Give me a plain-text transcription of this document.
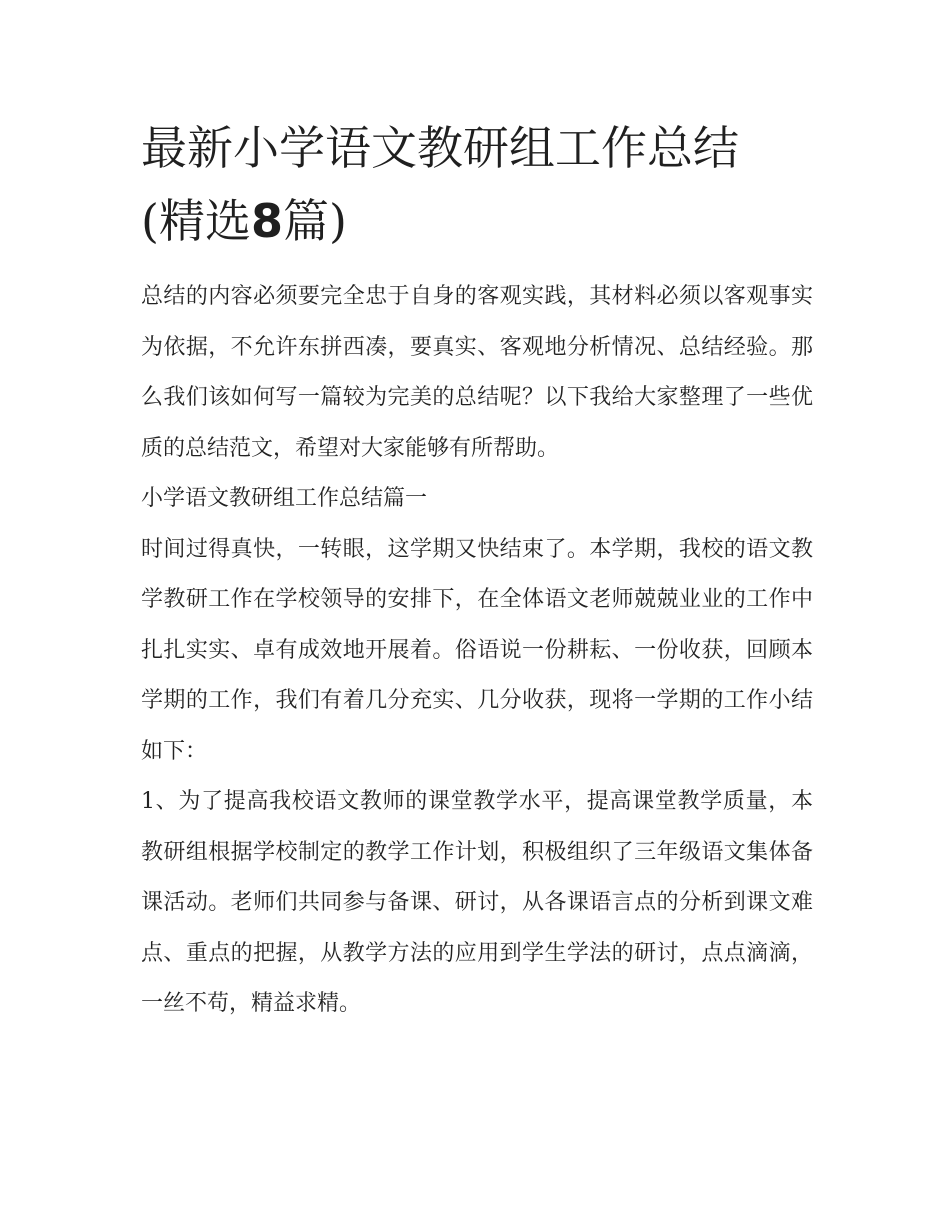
最新小学语文教研组工作总结
(精选8篇)

总结的内容必须要完全忠于自身的客观实践，其材料必须以客观事实为依据，不允许东拼西凑，要真实、客观地分析情况、总结经验。那么我们该如何写一篇较为完美的总结呢？以下我给大家整理了一些优质的总结范文，希望对大家能够有所帮助。

小学语文教研组工作总结篇一

时间过得真快，一转眼，这学期又快结束了。本学期，我校的语文教学教研工作在学校领导的安排下，在全体语文老师兢兢业业的工作中扎扎实实、卓有成效地开展着。俗语说一份耕耘、一份收获，回顾本学期的工作，我们有着几分充实、几分收获，现将一学期的工作小结如下：

1、为了提高我校语文教师的课堂教学水平，提高课堂教学质量，本教研组根据学校制定的教学工作计划，积极组织了三年级语文集体备课活动。老师们共同参与备课、研讨，从各课语言点的分析到课文难点、重点的把握，从教学方法的应用到学生学法的研讨，点点滴滴，一丝不苟，精益求精。
